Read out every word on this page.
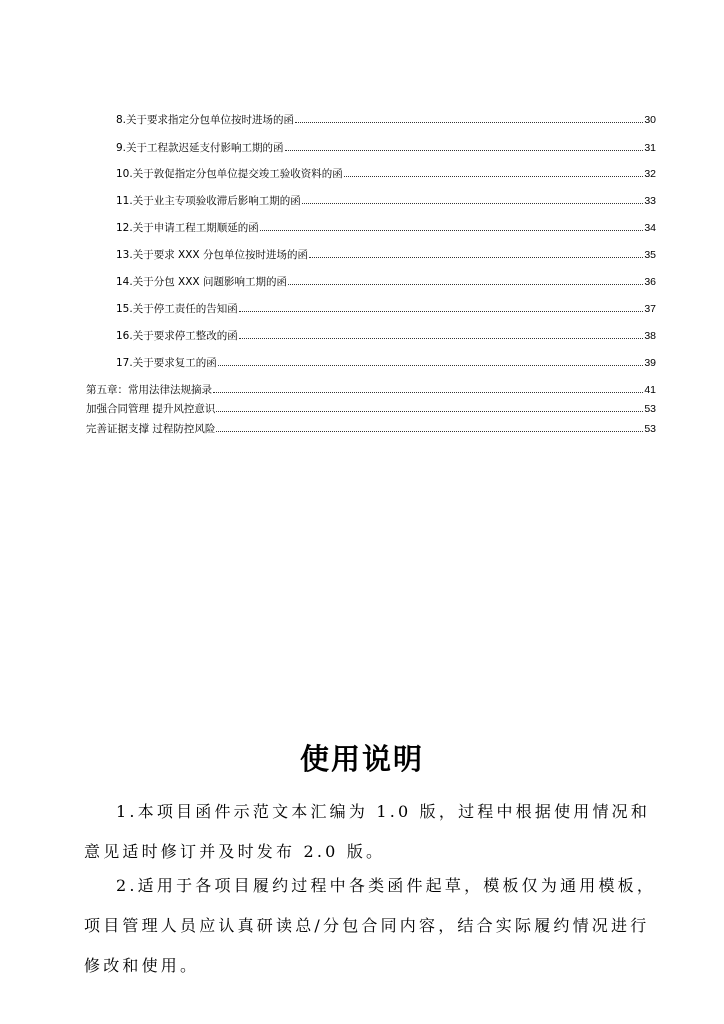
8.关于要求指定分包单位按时进场的函	30
9.关于工程款迟延支付影响工期的函	31
10.关于敦促指定分包单位提交竣工验收资料的函	32
11.关于业主专项验收滞后影响工期的函	33
12.关于申请工程工期顺延的函	34
13.关于要求 XXX 分包单位按时进场的函	35
14.关于分包 XXX 问题影响工期的函	36
15.关于停工责任的告知函	37
16.关于要求停工整改的函	38
17.关于要求复工的函	39
第五章：常用法律法规摘录	41
加强合同管理 提升风控意识	53
完善证据支撑 过程防控风险	53
使用说明

1.本项目函件示范文本汇编为 1.0 版，过程中根据使用情况和意见适时修订并及时发布 2.0 版。

2.适用于各项目履约过程中各类函件起草，模板仅为通用模板，项目管理人员应认真研读总/分包合同内容，结合实际履约情况进行修改和使用。
